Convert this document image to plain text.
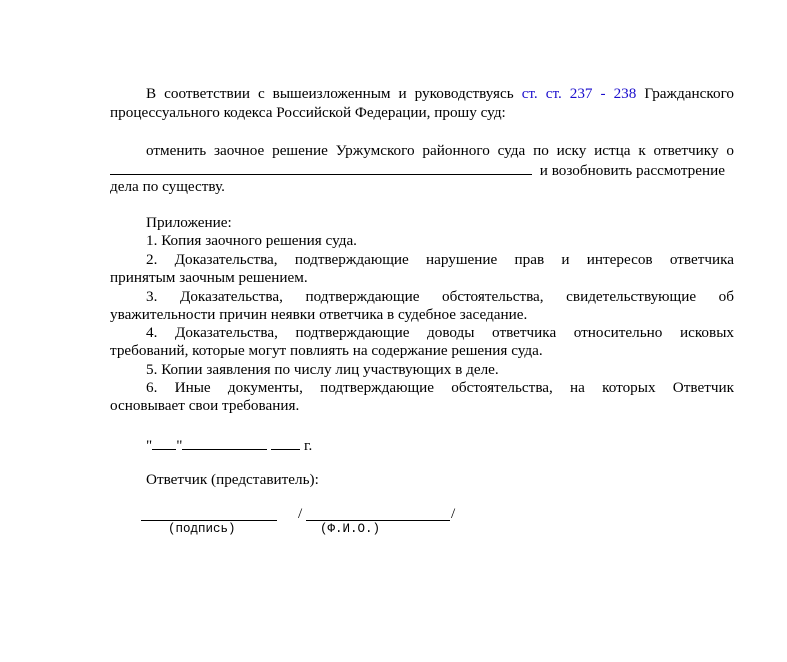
В соответствии с вышеизложенным и руководствуясь ст. ст. 237 - 238 Гражданского
процессуального кодекса Российской Федерации, прошу суд:
отменить заочное решение Уржумского районного суда по иску истца к ответчику о
и возобновить рассмотрение
дела по существу.
Приложение:
1. Копия заочного решения суда.
2. Доказательства, подтверждающие нарушение прав и интересов ответчика
принятым заочным решением.
3. Доказательства, подтверждающие обстоятельства, свидетельствующие об
уважительности причин неявки ответчика в судебное заседание.
4. Доказательства, подтверждающие доводы ответчика относительно исковых
требований, которые могут повлиять на содержание решения суда.
5. Копии заявления по числу лиц участвующих в деле.
6. Иные документы, подтверждающие обстоятельства, на которых Ответчик
основывает свои требования.
" "	г.
Ответчик (представитель):
/	/
(подпись)	(Ф.И.О.)
